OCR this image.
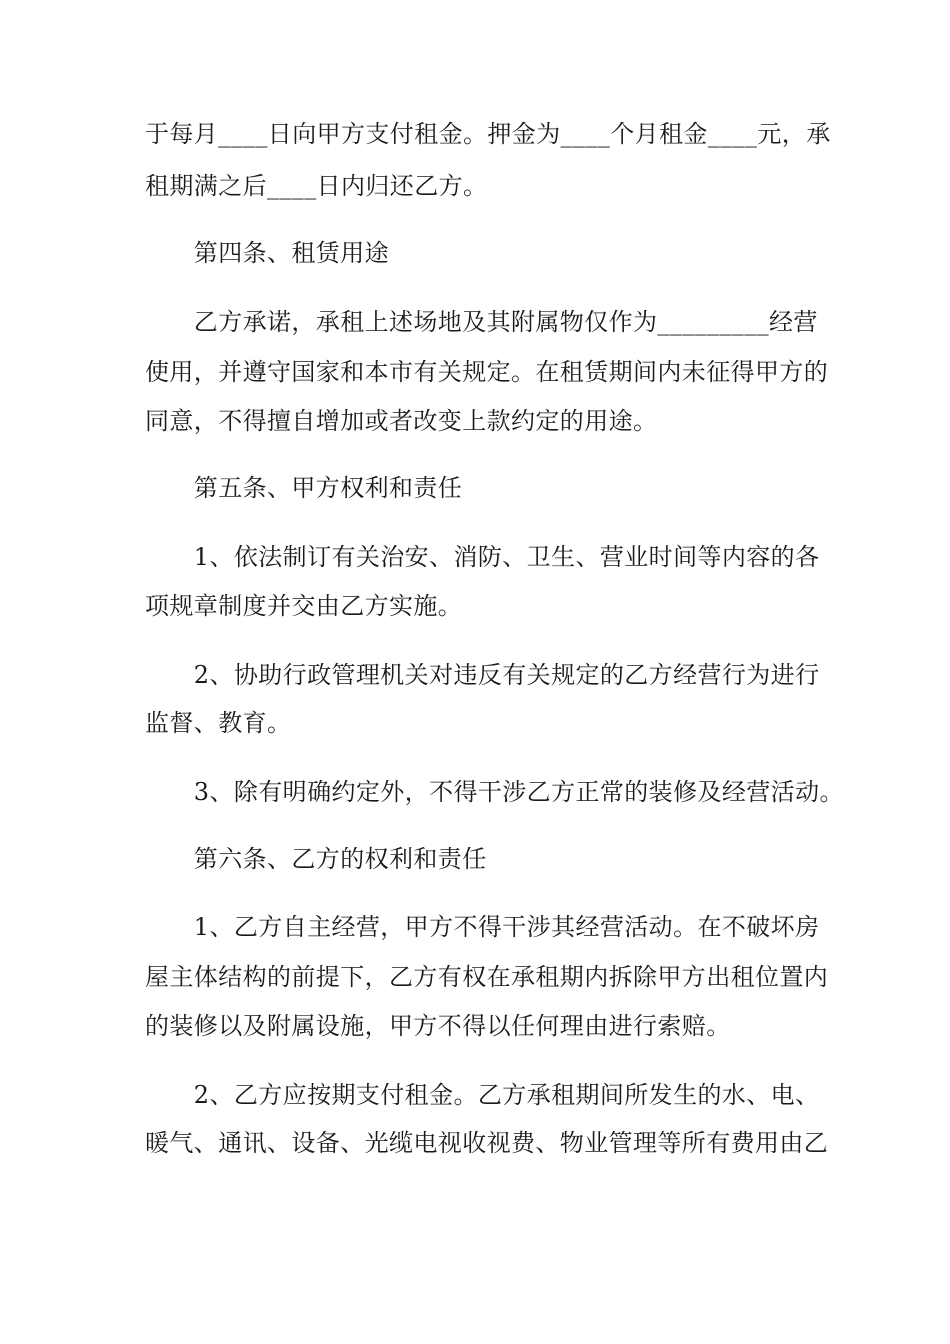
于每月____日向甲方支付租金。押金为____个月租金____元，承

租期满之后____日内归还乙方。

　　第四条、租赁用途

　　乙方承诺，承租上述场地及其附属物仅作为_________经营

使用，并遵守国家和本市有关规定。在租赁期间内未征得甲方的

同意，不得擅自增加或者改变上款约定的用途。

　　第五条、甲方权利和责任

　　1、依法制订有关治安、消防、卫生、营业时间等内容的各

项规章制度并交由乙方实施。

　　2、协助行政管理机关对违反有关规定的乙方经营行为进行

监督、教育。

　　3、除有明确约定外，不得干涉乙方正常的装修及经营活动。

　　第六条、乙方的权利和责任

　　1、乙方自主经营，甲方不得干涉其经营活动。在不破坏房

屋主体结构的前提下，乙方有权在承租期内拆除甲方出租位置内

的装修以及附属设施，甲方不得以任何理由进行索赔。

　　2、乙方应按期支付租金。乙方承租期间所发生的水、电、

暖气、通讯、设备、光缆电视收视费、物业管理等所有费用由乙
